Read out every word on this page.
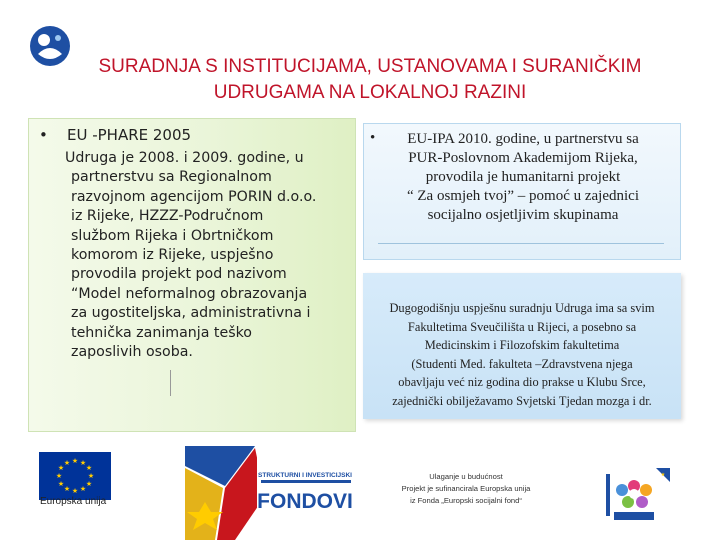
SURADNJA S INSTITUCIJAMA, USTANOVAMA I SURANIČKIM
UDRUGAMA NA LOKALNOJ RAZINI
• EU -PHARE 2005
Udruga je 2008. i 2009. godine, u
partnerstvu sa Regionalnom
razvojnom agencijom PORIN d.o.o.
iz Rijeke, HZZZ-Područnom
službom Rijeka i Obrtničkom
komorom iz Rijeke, uspješno
provodila projekt pod nazivom
“Model neformalnog obrazovanja
za ugostiteljska, administrativna i
tehnička zanimanja teško
zaposlivih osoba.
•	EU-IPA 2010. godine, u partnerstvu sa
PUR-Poslovnom Akademijom Rijeka,
provodila je humanitarni projekt
“ Za osmjeh tvoj” – pomoć u zajednici
socijalno osjetljivim skupinama
Dugogodišnju uspješnu suradnju Udruga ima sa svim
Fakultetima Sveučilišta u Rijeci, a posebno sa
Medicinskim i Filozofskim fakultetima
(Studenti Med. fakulteta –Zdravstvena njega
obavljaju već niz godina dio prakse u Klubu Srce,
zajednički obilježavamo Svjetski Tjedan mozga i dr.
★ ★
★
★
★
★
★
★
★
★
★
★
Europska unija
STRUKTURNI I INVESTICIJSKI
FONDOVI
Ulaganje u budućnost
Projekt je sufinancirala Europska unija
iz Fonda „Europski socijalni fond“
★
